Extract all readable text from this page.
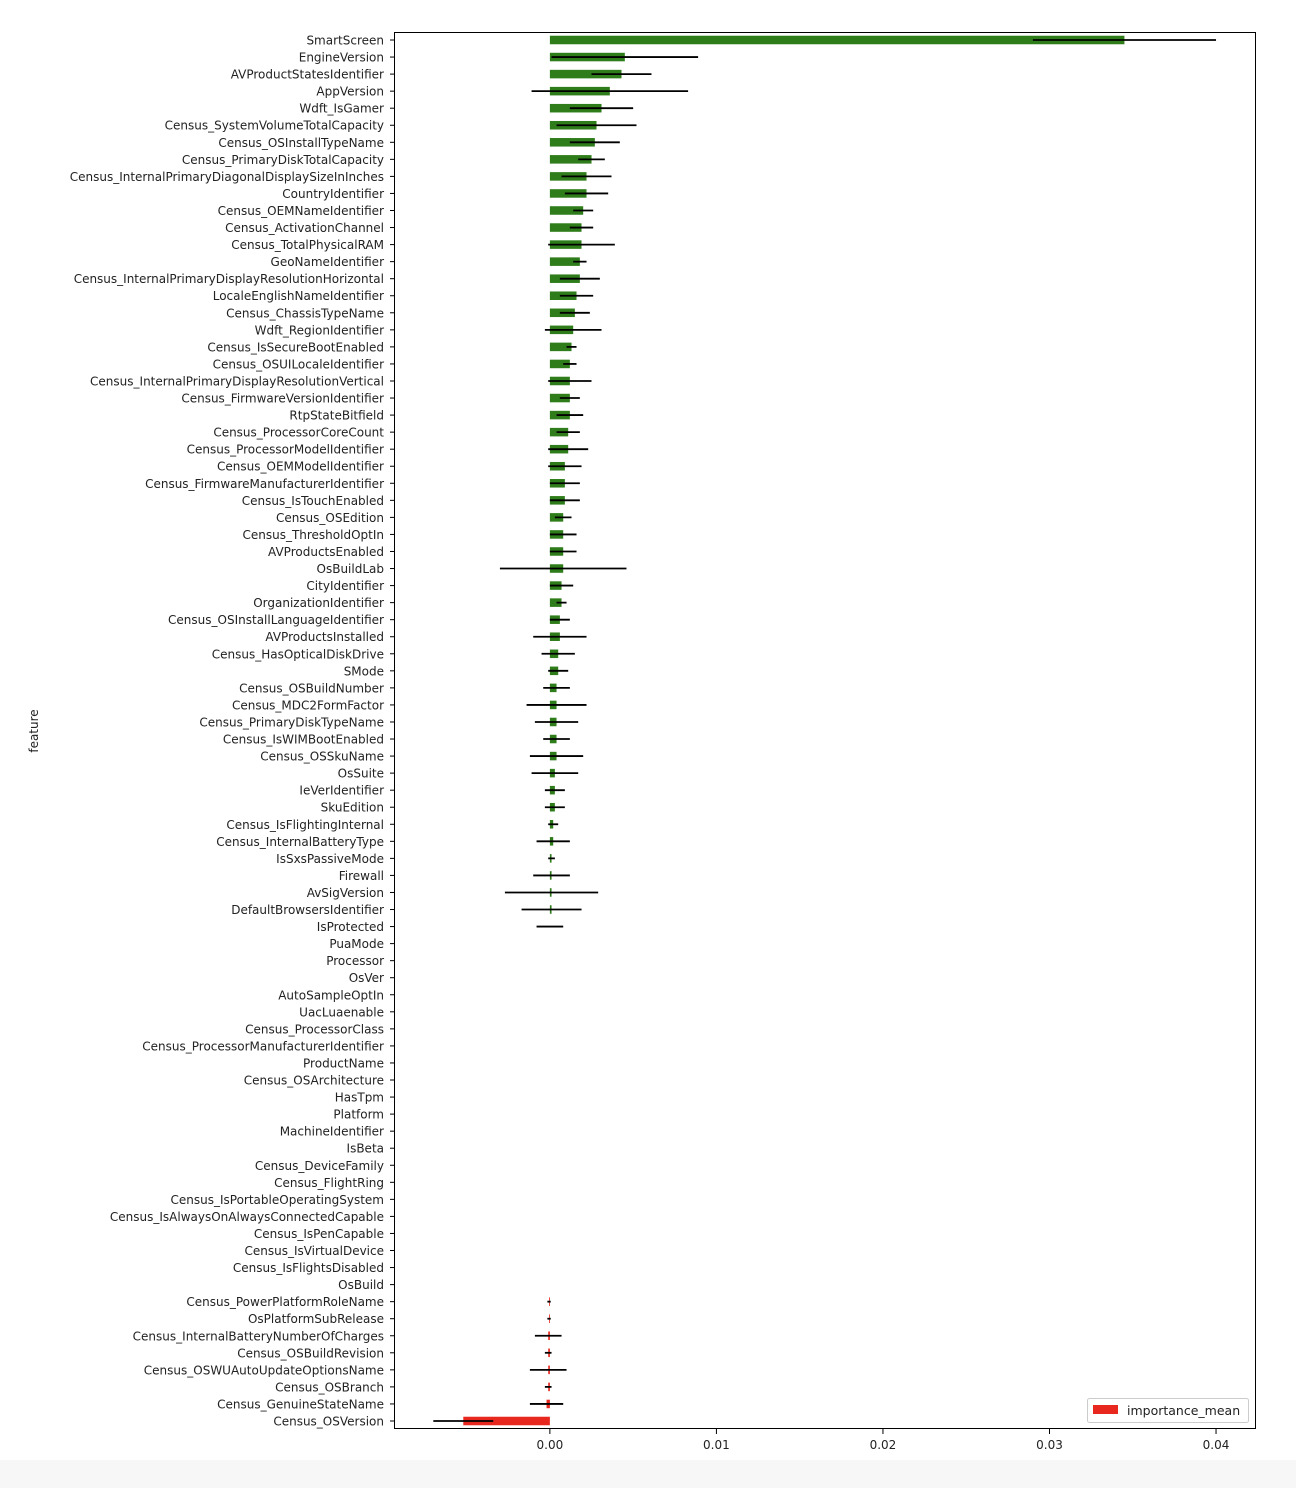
SmartScreen
EngineVersion
AVProductStatesIdentifier
AppVersion
Wdft_IsGamer
Census_SystemVolumeTotalCapacity
Census_OSInstallTypeName
Census_PrimaryDiskTotalCapacity
Census_InternalPrimaryDiagonalDisplaySizeInInches
CountryIdentifier
Census_OEMNameIdentifier
Census_ActivationChannel
Census_TotalPhysicalRAM
GeoNameIdentifier
Census_InternalPrimaryDisplayResolutionHorizontal
LocaleEnglishNameIdentifier
Census_ChassisTypeName
Wdft_RegionIdentifier
Census_IsSecureBootEnabled
Census_OSUILocaleIdentifier
Census_InternalPrimaryDisplayResolutionVertical
Census_FirmwareVersionIdentifier
RtpStateBitfield
Census_ProcessorCoreCount
Census_ProcessorModelIdentifier
Census_OEMModelIdentifier
Census_FirmwareManufacturerIdentifier
Census_IsTouchEnabled
Census_OSEdition
Census_ThresholdOptIn
AVProductsEnabled
OsBuildLab
CityIdentifier
OrganizationIdentifier
Census_OSInstallLanguageIdentifier
AVProductsInstalled
Census_HasOpticalDiskDrive
SMode
Census_OSBuildNumber
Census_MDC2FormFactor
Census_PrimaryDiskTypeName
Census_IsWIMBootEnabled
Census_OSSkuName
OsSuite
IeVerIdentifier
SkuEdition
Census_IsFlightingInternal
Census_InternalBatteryType
IsSxsPassiveMode
Firewall
AvSigVersion
DefaultBrowsersIdentifier
IsProtected
PuaMode
Processor
OsVer
AutoSampleOptIn
UacLuaenable
Census_ProcessorClass
Census_ProcessorManufacturerIdentifier
ProductName
Census_OSArchitecture
HasTpm
Platform
MachineIdentifier
IsBeta
Census_DeviceFamily
Census_FlightRing
Census_IsPortableOperatingSystem
Census_IsAlwaysOnAlwaysConnectedCapable
Census_IsPenCapable
Census_IsVirtualDevice
Census_IsFlightsDisabled
OsBuild
Census_PowerPlatformRoleName
OsPlatformSubRelease
Census_InternalBatteryNumberOfCharges
Census_OSBuildRevision
Census_OSWUAutoUpdateOptionsName
Census_OSBranch
Census_GenuineStateName
Census_OSVersion
0.00	0.01	0.02	0.03	0.04
feature
importance_mean
